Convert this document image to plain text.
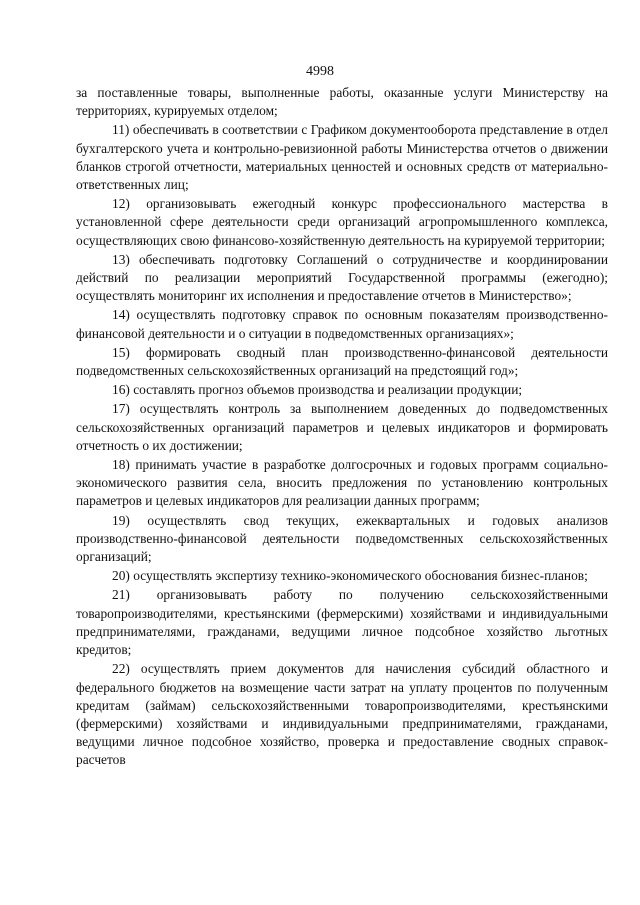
4998

за поставленные товары, выполненные работы, оказанные услуги Министерству на территориях, курируемых отделом;

11) обеспечивать в соответствии с Графиком документооборота представление в отдел бухгалтерского учета и контрольно-ревизионной работы Министерства отчетов о движении бланков строгой отчетности, материальных ценностей и основных средств от материально-ответственных лиц;

12) организовывать ежегодный конкурс профессионального мастерства в установленной сфере деятельности среди организаций агропромышленного комплекса, осуществляющих свою финансово-хозяйственную деятельность на курируемой территории;

13) обеспечивать подготовку Соглашений о сотрудничестве и координировании действий по реализации мероприятий Государственной программы (ежегодно); осуществлять мониторинг их исполнения и предоставление отчетов в Министерство»;

14) осуществлять подготовку справок по основным показателям производственно-финансовой деятельности и о ситуации в подведомственных организациях»;

15) формировать сводный план производственно-финансовой деятельности подведомственных сельскохозяйственных организаций на предстоящий год»;

16) составлять прогноз объемов производства и реализации продукции;

17) осуществлять контроль за выполнением доведенных до подведомственных сельскохозяйственных организаций параметров и целевых индикаторов и формировать отчетность о их достижении;

18) принимать участие в разработке долгосрочных и годовых программ социально-экономического развития села, вносить предложения по установлению контрольных параметров и целевых индикаторов для реализации данных программ;

19) осуществлять свод текущих, ежеквартальных и годовых анализов производственно-финансовой деятельности подведомственных сельскохозяйственных организаций;

20) осуществлять экспертизу технико-экономического обоснования бизнес-планов;

21) организовывать работу по получению сельскохозяйственными товаропроизводителями, крестьянскими (фермерскими) хозяйствами и индивидуальными предпринимателями, гражданами, ведущими личное подсобное хозяйство льготных кредитов;

22) осуществлять прием документов для начисления субсидий областного и федерального бюджетов на возмещение части затрат на уплату процентов по полученным кредитам (займам) сельскохозяйственными товаропроизводителями, крестьянскими (фермерскими) хозяйствами и индивидуальными предпринимателями, гражданами, ведущими личное подсобное хозяйство, проверка и предоставление сводных справок-расчетов
